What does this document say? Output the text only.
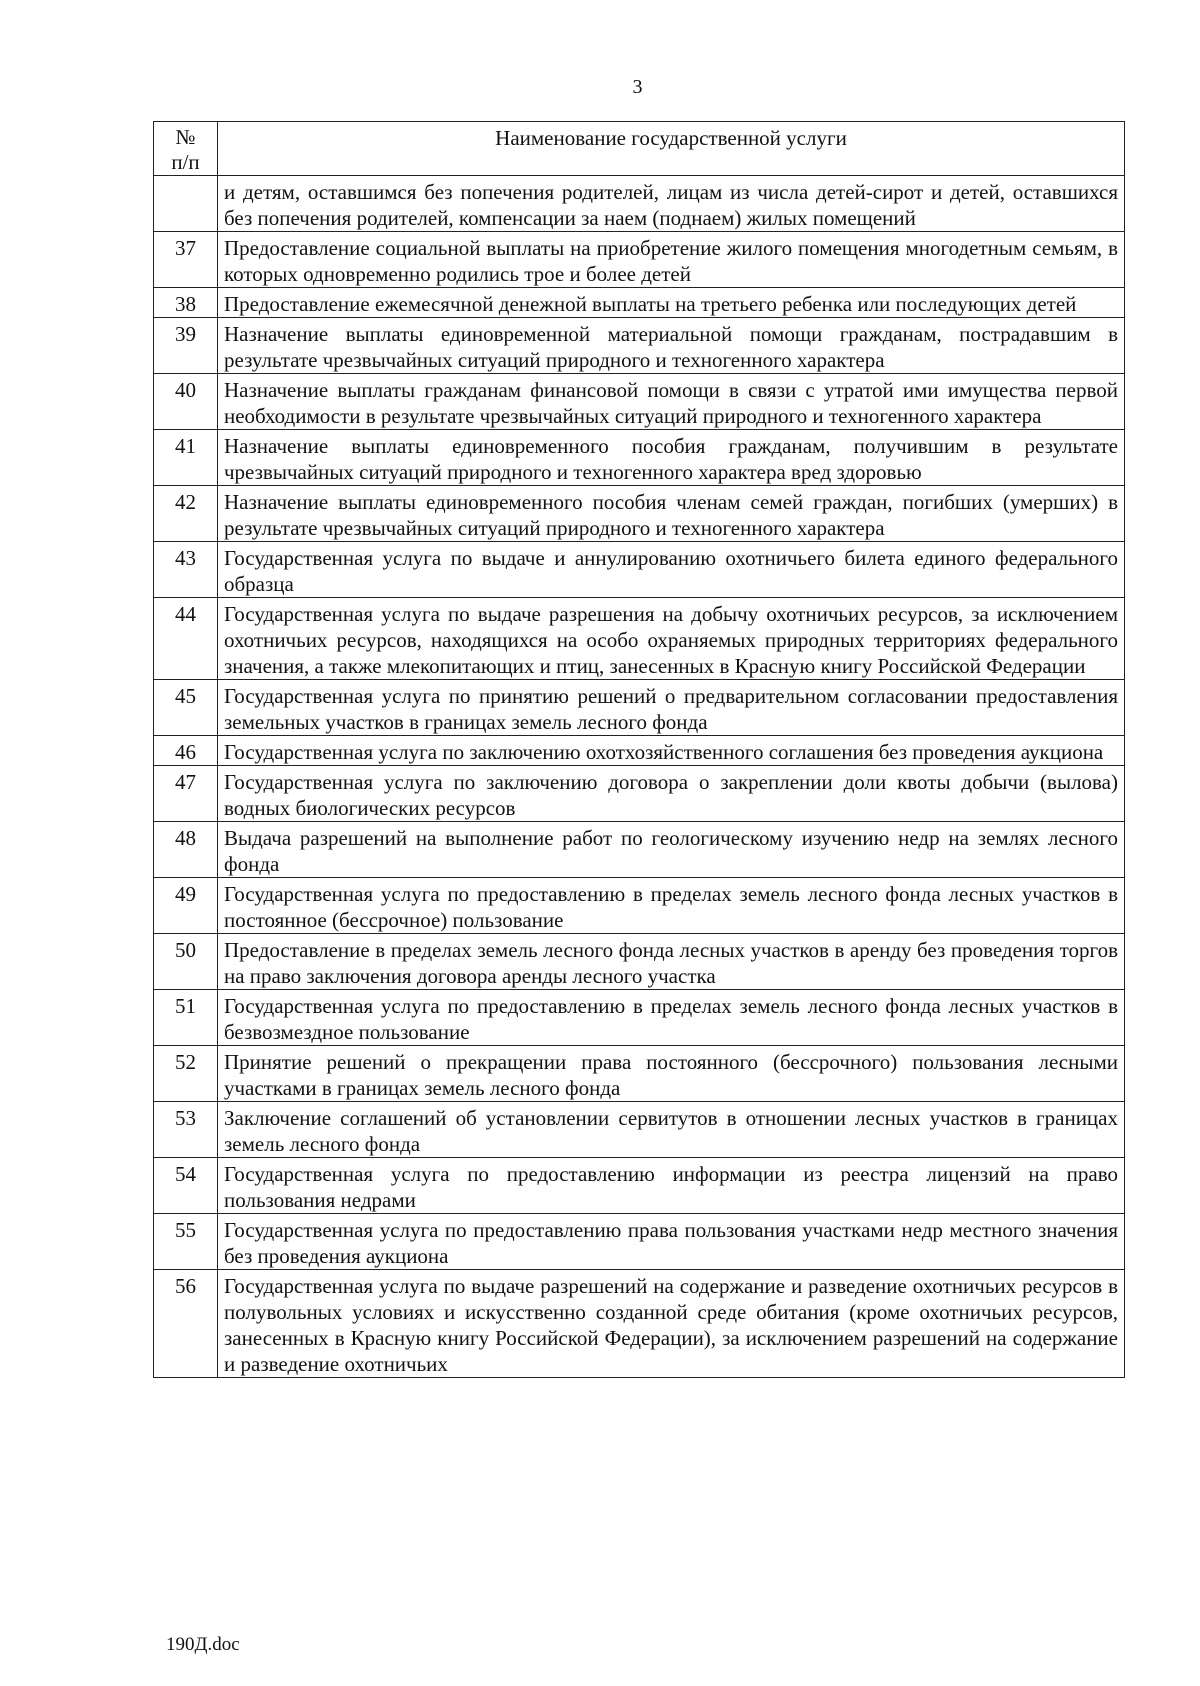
3
№
п/п	Наименование государственной услуги
	и детям, оставшимся без попечения родителей, лицам из числа детей-сирот и детей, оставшихся без попечения родителей, компенсации за наем (поднаем) жилых помещений
37	Предоставление социальной выплаты на приобретение жилого помещения многодетным семьям, в которых одновременно родились трое и более детей
38	Предоставление ежемесячной денежной выплаты на третьего ребенка или последующих детей
39	Назначение выплаты единовременной материальной помощи гражданам, пострадавшим в результате чрезвычайных ситуаций природного и техногенного характера
40	Назначение выплаты гражданам финансовой помощи в связи с утратой ими имущества первой необходимости в результате чрезвычайных ситуаций природного и техногенного характера
41	Назначение выплаты единовременного пособия гражданам, получившим в результате чрезвычайных ситуаций природного и техногенного характера вред здоровью
42	Назначение выплаты единовременного пособия членам семей граждан, погибших (умерших) в результате чрезвычайных ситуаций природного и техногенного характера
43	Государственная услуга по выдаче и аннулированию охотничьего билета единого федерального образца
44	Государственная услуга по выдаче разрешения на добычу охотничьих ресурсов, за исключением охотничьих ресурсов, находящихся на особо охраняемых природных территориях федерального значения, а также млекопитающих и птиц, занесенных в Красную книгу Российской Федерации
45	Государственная услуга по принятию решений о предварительном согласовании предоставления земельных участков в границах земель лесного фонда
46	Государственная услуга по заключению охотхозяйственного соглашения без проведения аукциона
47	Государственная услуга по заключению договора о закреплении доли квоты добычи (вылова) водных биологических ресурсов
48	Выдача разрешений на выполнение работ по геологическому изучению недр на землях лесного фонда
49	Государственная услуга по предоставлению в пределах земель лесного фонда лесных участков в постоянное (бессрочное) пользование
50	Предоставление в пределах земель лесного фонда лесных участков в аренду без проведения торгов на право заключения договора аренды лесного участка
51	Государственная услуга по предоставлению в пределах земель лесного фонда лесных участков в безвозмездное пользование
52	Принятие решений о прекращении права постоянного (бессрочного) пользования лесными участками в границах земель лесного фонда
53	Заключение соглашений об установлении сервитутов в отношении лесных участков в границах земель лесного фонда
54	Государственная услуга по предоставлению информации из реестра лицензий на право пользования недрами
55	Государственная услуга по предоставлению права пользования участками недр местного значения без проведения аукциона
56	Государственная услуга по выдаче разрешений на содержание и разведение охотничьих ресурсов в полувольных условиях и искусственно созданной среде обитания (кроме охотничьих ресурсов, занесенных в Красную книгу Российской Федерации), за исключением разрешений на содержание и разведение охотничьих
190Д.doc
